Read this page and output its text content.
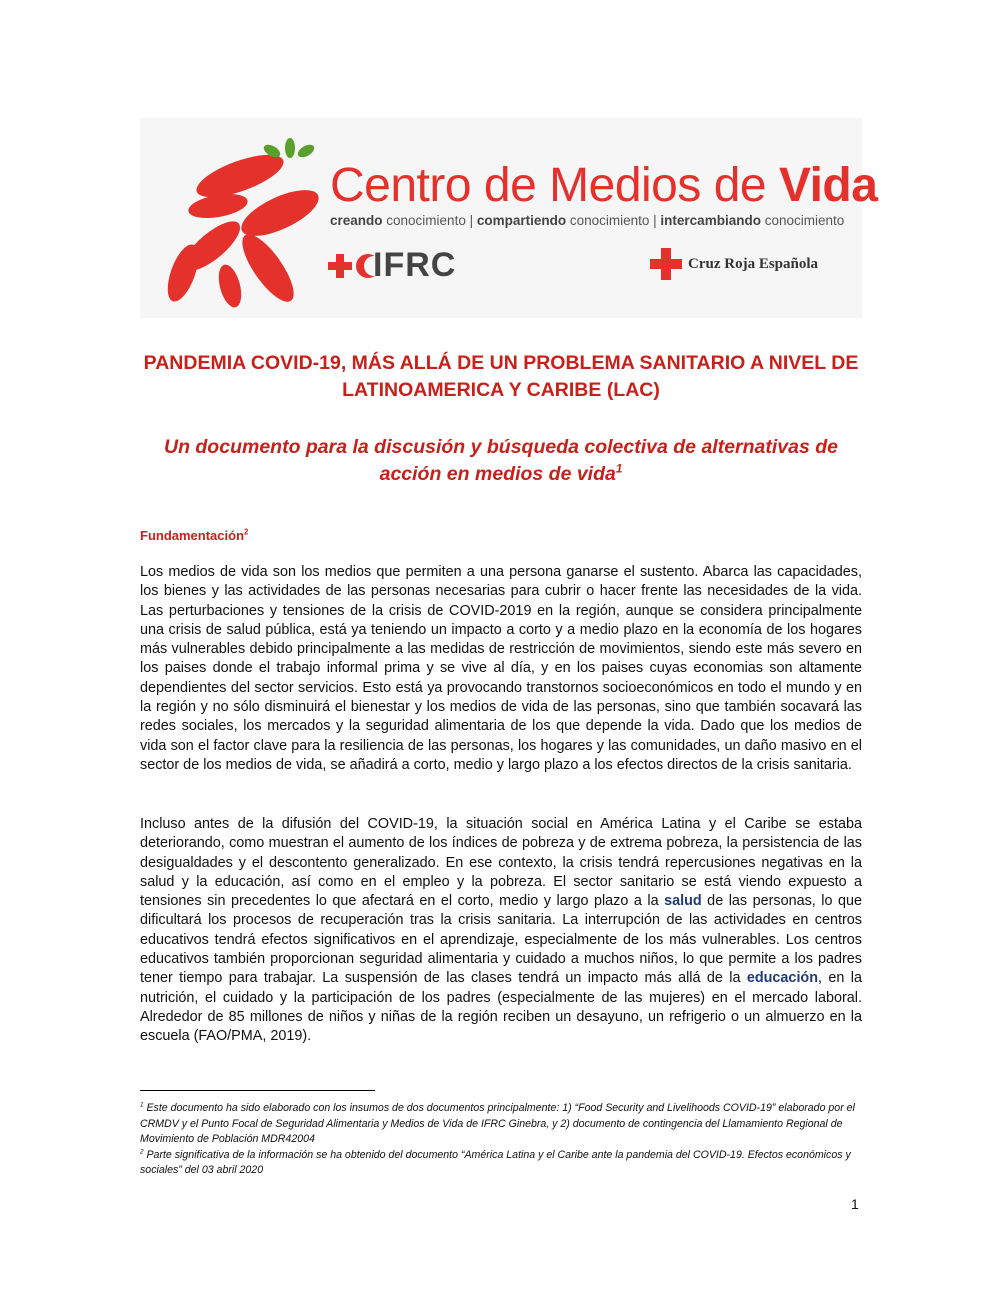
Centro de Medios de Vida
creando conocimiento | compartiendo conocimiento | intercambiando conocimiento
IFRC	Cruz Roja Española
PANDEMIA COVID-19, MÁS ALLÁ DE UN PROBLEMA SANITARIO A NIVEL DE LATINOAMERICA Y CARIBE (LAC)
Un documento para la discusión y búsqueda colectiva de alternativas de acción en medios de vida$^1$
Fundamentación$^2$

Los medios de vida son los medios que permiten a una persona ganarse el sustento. Abarca las capacidades, los bienes y las actividades de las personas necesarias para cubrir o hacer frente las necesidades de la vida. Las perturbaciones y tensiones de la crisis de COVID-2019 en la región, aunque se considera principalmente una crisis de salud pública, está ya teniendo un impacto a corto y a medio plazo en la economía de los hogares más vulnerables debido principalmente a las medidas de restricción de movimientos, siendo este más severo en los paises donde el trabajo informal prima y se vive al día, y en los paises cuyas economias son altamente dependientes del sector servicios. Esto está ya provocando transtornos socioeconómicos en todo el mundo y en la región y no sólo disminuirá el bienestar y los medios de vida de las personas, sino que también socavará las redes sociales, los mercados y la seguridad alimentaria de los que depende la vida. Dado que los medios de vida son el factor clave para la resiliencia de las personas, los hogares y las comunidades, un daño masivo en el sector de los medios de vida, se añadirá a corto, medio y largo plazo a los efectos directos de la crisis sanitaria.

Incluso antes de la difusión del COVID-19, la situación social en América Latina y el Caribe se estaba deteriorando, como muestran el aumento de los índices de pobreza y de extrema pobreza, la persistencia de las desigualdades y el descontento generalizado. En ese contexto, la crisis tendrá repercusiones negativas en la salud y la educación, así como en el empleo y la pobreza. El sector sanitario se está viendo expuesto a tensiones sin precedentes lo que afectará en el corto, medio y largo plazo a la salud de las personas, lo que dificultará los procesos de recuperación tras la crisis sanitaria. La interrupción de las actividades en centros educativos tendrá efectos significativos en el aprendizaje, especialmente de los más vulnerables. Los centros educativos también proporcionan seguridad alimentaria y cuidado a muchos niños, lo que permite a los padres tener tiempo para trabajar. La suspensión de las clases tendrá un impacto más allá de la educación, en la nutrición, el cuidado y la participación de los padres (especialmente de las mujeres) en el mercado laboral. Alrededor de 85 millones de niños y niñas de la región reciben un desayuno, un refrigerio o un almuerzo en la escuela (FAO/PMA, 2019).

$^1$ Este documento ha sido elaborado con los insumos de dos documentos principalmente: 1) “Food Security and Livelihoods COVID-19” elaborado por el CRMDV y el Punto Focal de Seguridad Alimentaria y Medios de Vida de IFRC Ginebra, y 2) documento de contingencia del Llamamiento Regional de Movimiento de Población MDR42004

$^2$ Parte significativa de la información se ha obtenido del documento “América Latina y el Caribe ante la pandemia del COVID-19. Efectos económicos y sociales” del 03 abril 2020

1
